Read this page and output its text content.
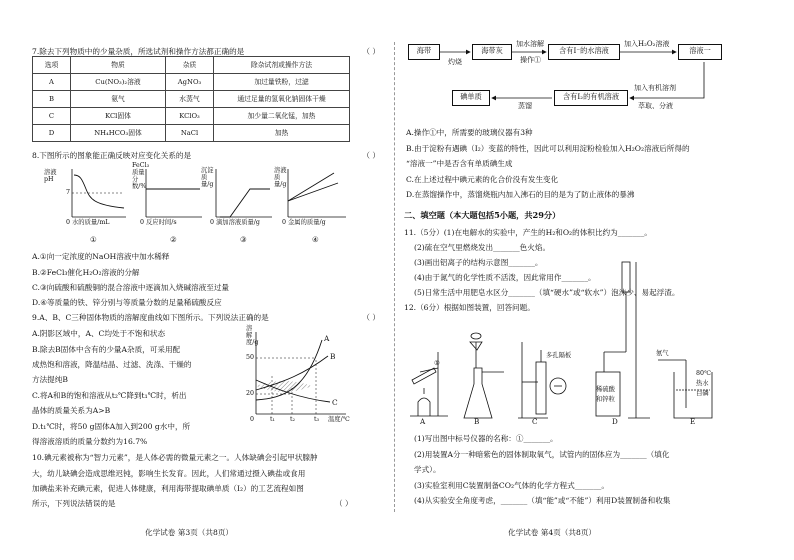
7.除去下列物质中的少量杂质，所选试剂和操作方法都正确的是	（ ）
选项	物质	杂质	除杂试剂或操作方法
A	Cu(NO₃)₂溶液	AgNO₃	加过量铁粉，过滤
B	氨气	水蒸气	通过足量的氢氧化钠固体干燥
C	KCl固体	KClO₃	加少量二氧化锰，加热
D	NH₄HCO₃固体	NaCl	加热
8.下图所示的图象能正确反映对应变化关系的是	（ ）
溶液pH
7
0 水的质量/mL
①
FeCl₃质量分数/%
0 反应时间/s
②
沉淀质量/g
0 滴加溶液质量/g
③
溶液质量/g
0 金属的质量/g
④
A.①向一定浓度的NaOH溶液中加水稀释
B.②FeCl₃催化H₂O₂溶液的分解
C.③向硫酸和硫酸铜的混合溶液中逐滴加入烧碱溶液至过量
D.④等质量的铁、锌分别与等质量分数的足量稀硫酸反应
9.A、B、C三种固体物质的溶解度曲线如下图所示。下列说法正确的是	（ ）
A.阴影区域中，A、C均处于不饱和状态
B.除去B固体中含有的少量A杂质，可采用配
成热饱和溶液，降温结晶、过滤、洗涤、干燥的
方法提纯B
C.将A和B的饱和溶液从t₂℃降到t₁℃时，析出
晶体的质量关系为A>B
D.t₁℃时，将50 g固体A加入到200 g水中，所
得溶液溶质的质量分数约为16.7%
溶解度/g
50
20
0	t₁ t₂	t₃ 温度/℃
A
B
C
10.碘元素被称为“智力元素”，是人体必需的微量元素之一。人体缺碘会引起甲状腺肿
大，幼儿缺碘会造成思维迟钝，影响生长发育。因此，人们常通过摄入碘盐或食用
加碘盐来补充碘元素，促进人体健康，利用海带提取碘单质（I₂）的工艺流程如图
所示，下列说法错误的是	（ ）
化学试卷 第3页（共8页）
海带
灼烧
海带灰
加水溶解
操作①
含有I⁻的水溶液
加入H₂O₂溶液
溶液一
加入有机溶剂
萃取、分液
含有I₂的有机溶液
蒸馏
碘单质
A.操作①中，所需要的玻璃仪器有3种
B.由于淀粉有遇碘（I₂）变蓝的特性，因此可以利用淀粉检验加入H₂O₂溶液后所得的
“溶液一”中是否含有单质碘生成
C.在上述过程中碘元素的化合价没有发生变化
D.在蒸馏操作中，蒸馏烧瓶内加入沸石的目的是为了防止液体的暴沸
二、填空题（本大题包括5小题，共29分）
11.（5分）(1)在电解水的实验中，产生的H₂和O₂的体积比约为_______。
(2)硫在空气里燃烧发出_______色火焰。
(3)画出铝离子的结构示意图_______。
(4)由于氮气的化学性质不活泼，因此常用作_______。
(5)日常生活中用肥皂水区分_______（填“硬水”或“软水”）泡沫少、易起浮渣。
12.（6分）根据如图装置，回答问题。
多孔隔板
稀硫酸
和锌粒
氨气
80℃
热水
白磷
A	B	C	D	E
①
(1)写出图中标号仪器的名称：①_______。
(2)用装置A分一种暗紫色的固体制取氧气，试管内的固体应为_______（填化
学式）。
(3)实验室利用C装置制备CO₂气体的化学方程式_______。
(4)从实验安全角度考虑，_______（填“能”或“不能”）利用D装置制备和收集
化学试卷 第4页（共8页）
